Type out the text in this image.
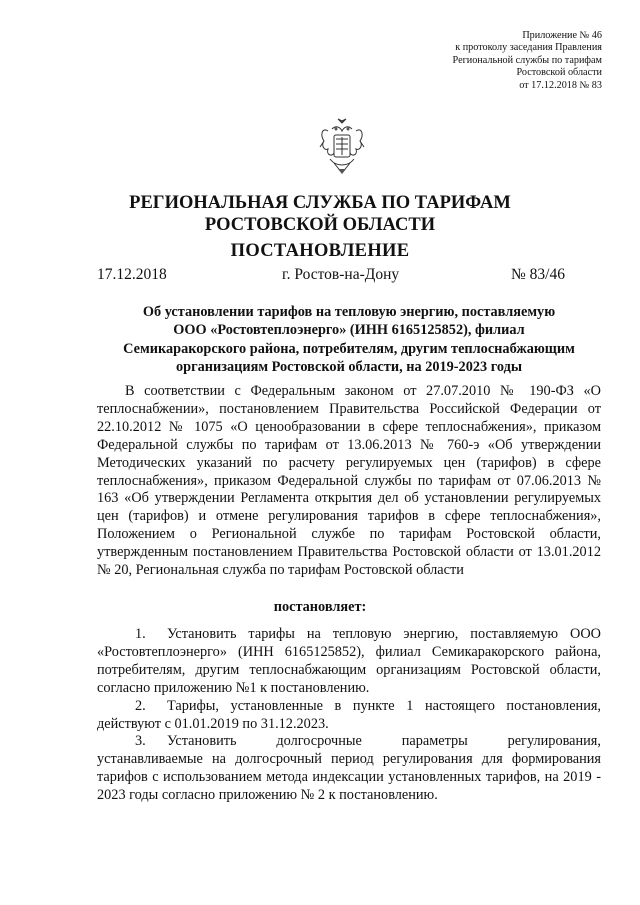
Приложение № 46
к протоколу заседания Правления
Региональной службы по тарифам
Ростовской области
от 17.12.2018 № 83
РЕГИОНАЛЬНАЯ СЛУЖБА ПО ТАРИФАМ
РОСТОВСКОЙ ОБЛАСТИ
ПОСТАНОВЛЕНИЕ
17.12.2018	г. Ростов-на-Дону	№ 83/46
Об установлении тарифов на тепловую энергию, поставляемую
ООО «Ростовтеплоэнерго» (ИНН 6165125852), филиал
Семикаракорского района, потребителям, другим теплоснабжающим
организациям Ростовской области, на 2019-2023 годы
В соответствии с Федеральным законом от 27.07.2010 № 190-ФЗ «О теплоснабжении», постановлением Правительства Российской Федерации от 22.10.2012 № 1075 «О ценообразовании в сфере теплоснабжения», приказом Федеральной службы по тарифам от 13.06.2013 № 760-э «Об утверждении Методических указаний по расчету регулируемых цен (тарифов) в сфере теплоснабжения», приказом Федеральной службы по тарифам от 07.06.2013 № 163 «Об утверждении Регламента открытия дел об установлении регулируемых цен (тарифов) и отмене регулирования тарифов в сфере теплоснабжения», Положением о Региональной службе по тарифам Ростовской области, утвержденным постановлением Правительства Ростовской области от 13.01.2012 № 20, Региональная служба по тарифам Ростовской области
постановляет:
1. Установить тарифы на тепловую энергию, поставляемую ООО «Ростовтеплоэнерго» (ИНН 6165125852), филиал Семикаракорского района, потребителям, другим теплоснабжающим организациям Ростовской области, согласно приложению №1 к постановлению.
2. Тарифы, установленные в пункте 1 настоящего постановления, действуют с 01.01.2019 по 31.12.2023.
3.	Установить	долгосрочные	параметры	регулирования,
устанавливаемые на долгосрочный период регулирования для формирования тарифов с использованием метода индексации установленных тарифов, на 2019 - 2023 годы согласно приложению № 2 к постановлению.
